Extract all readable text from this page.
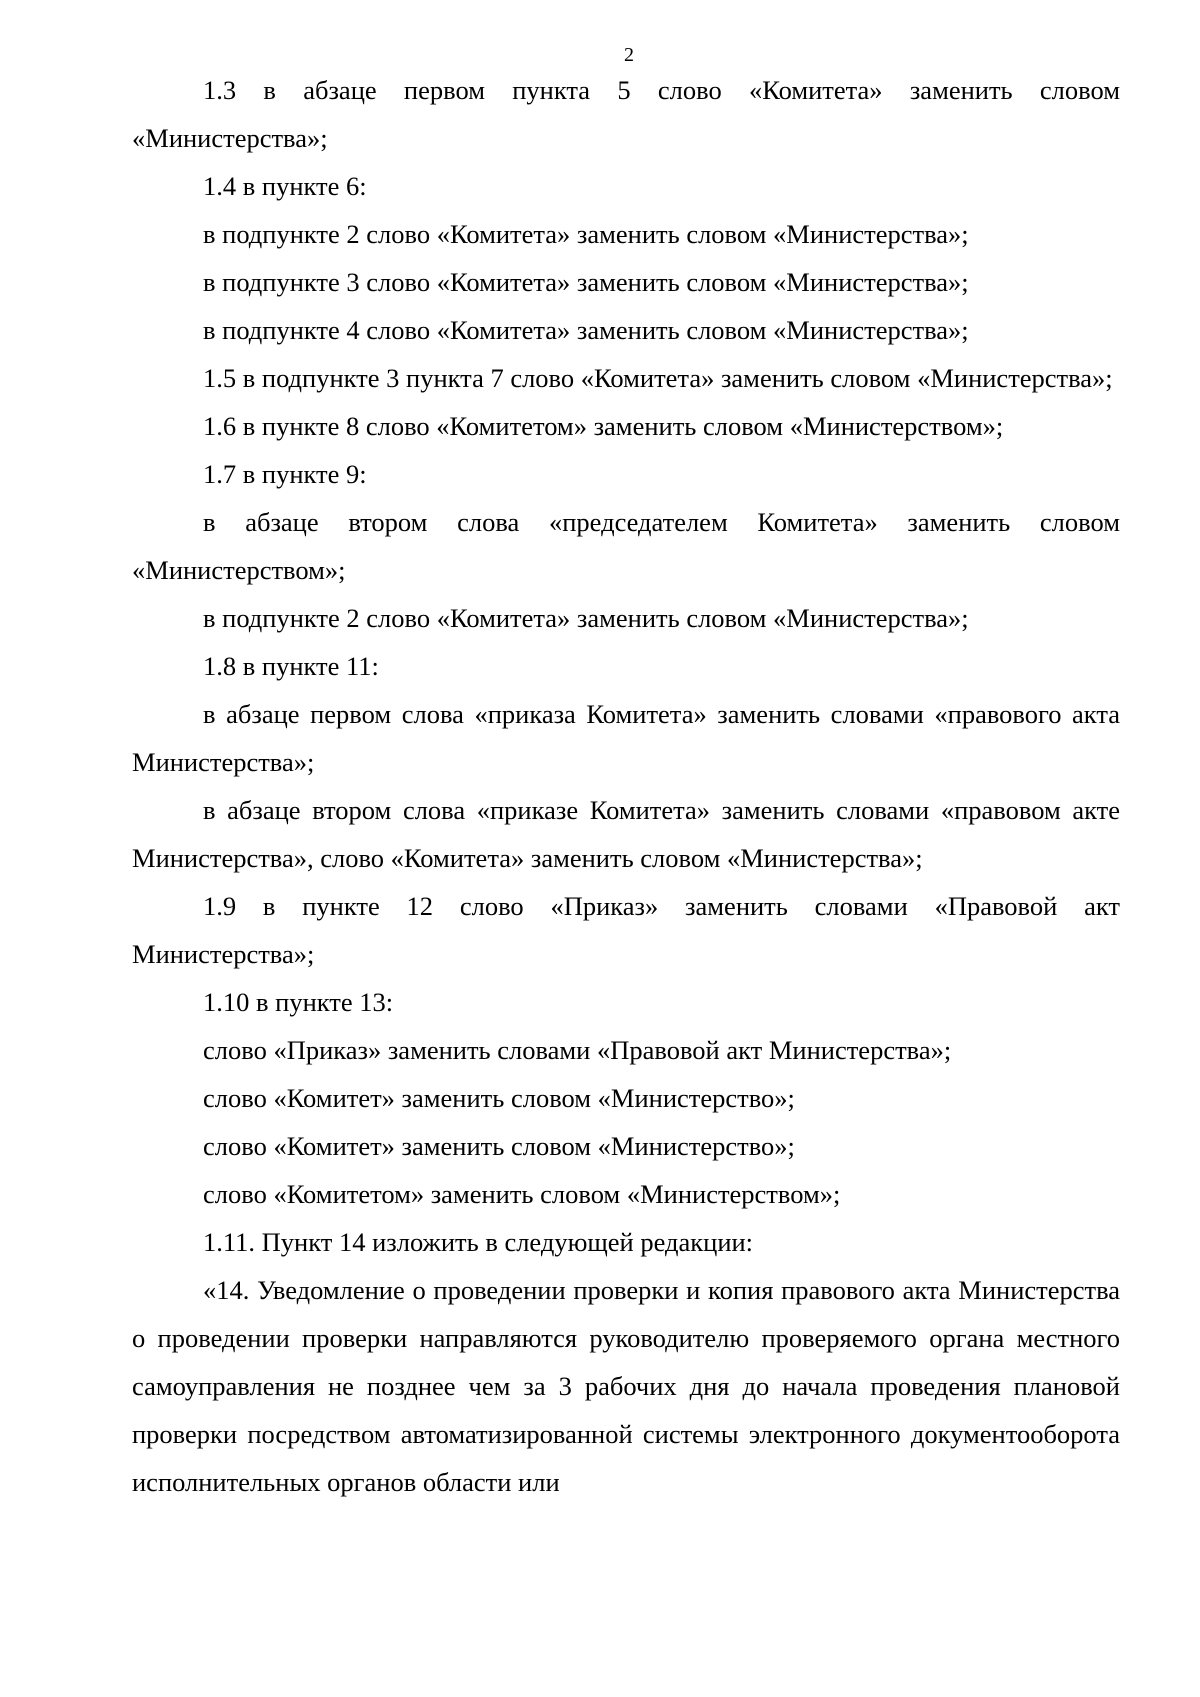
2

1.3 в абзаце первом пункта 5 слово «Комитета» заменить словом «Министерства»;

1.4 в пункте 6:

в подпункте 2 слово «Комитета» заменить словом «Министерства»;

в подпункте 3 слово «Комитета» заменить словом «Министерства»;

в подпункте 4 слово «Комитета» заменить словом «Министерства»;

1.5 в подпункте 3 пункта 7 слово «Комитета» заменить словом «Министерства»;

1.6 в пункте 8 слово «Комитетом» заменить словом «Министерством»;

1.7 в пункте 9:

в абзаце втором слова «председателем Комитета» заменить словом «Министерством»;

в подпункте 2 слово «Комитета» заменить словом «Министерства»;

1.8 в пункте 11:

в абзаце первом слова «приказа Комитета» заменить словами «правового акта Министерства»;

в абзаце втором слова «приказе Комитета» заменить словами «правовом акте Министерства», слово «Комитета» заменить словом «Министерства»;

1.9 в пункте 12 слово «Приказ» заменить словами «Правовой акт Министерства»;

1.10 в пункте 13:

слово «Приказ» заменить словами «Правовой акт Министерства»;

слово «Комитет» заменить словом «Министерство»;

слово «Комитет» заменить словом «Министерство»;

слово «Комитетом» заменить словом «Министерством»;

1.11. Пункт 14 изложить в следующей редакции:

«14. Уведомление о проведении проверки и копия правового акта Министерства о проведении проверки направляются руководителю проверяемого органа местного самоуправления не позднее чем за 3 рабочих дня до начала проведения плановой проверки посредством автоматизированной системы электронного документооборота исполнительных органов области или
